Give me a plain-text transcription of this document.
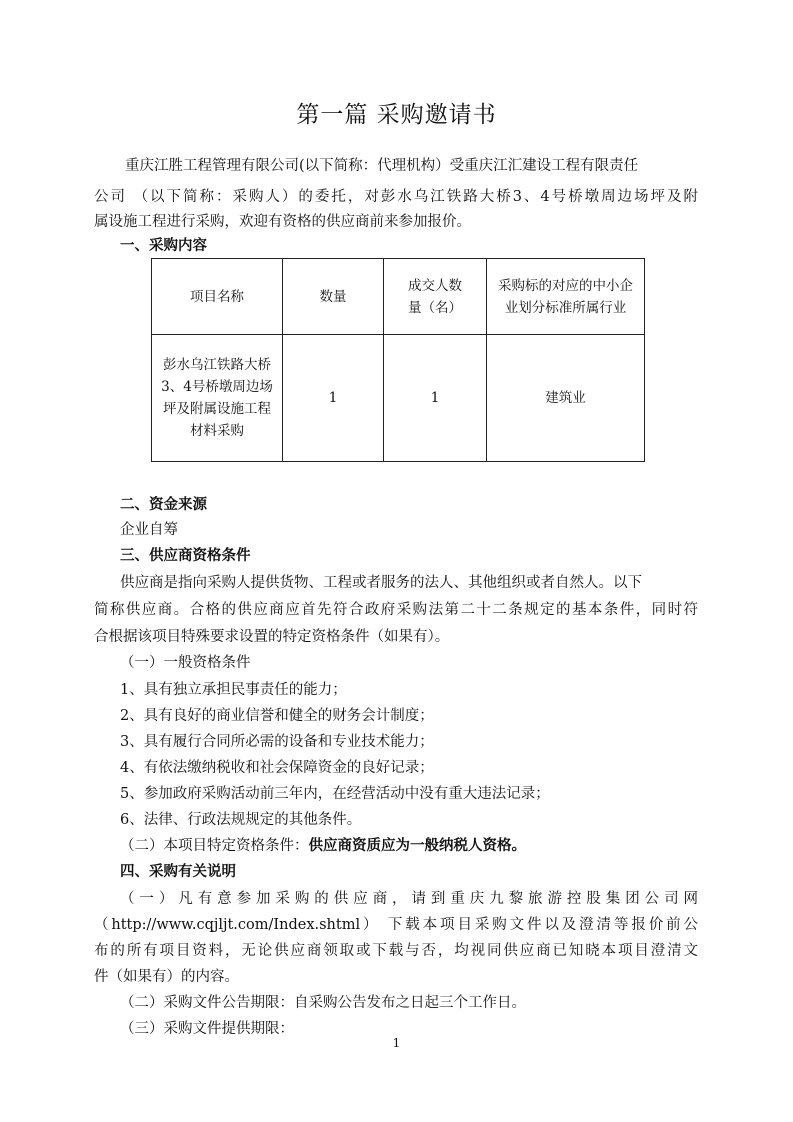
第一篇 采购邀请书
重庆江胜工程管理有限公司(以下简称：代理机构）受重庆江汇建设工程有限责任
公司 （以下简称：采购人）的委托，对彭水乌江铁路大桥3、4号桥墩周边场坪及附
属设施工程进行采购，欢迎有资格的供应商前来参加报价。
一、采购内容
项目名称	数量	成交人数量（名）	采购标的对应的中小企业划分标准所属行业
彭水乌江铁路大桥3、4号桥墩周边场坪及附属设施工程材料采购	1	1	建筑业
二、资金来源
企业自筹
三、供应商资格条件
供应商是指向采购人提供货物、工程或者服务的法人、其他组织或者自然人。以下
简称供应商。合格的供应商应首先符合政府采购法第二十二条规定的基本条件，同时符
合根据该项目特殊要求设置的特定资格条件（如果有）。
（一）一般资格条件
1、具有独立承担民事责任的能力；
2、具有良好的商业信誉和健全的财务会计制度；
3、具有履行合同所必需的设备和专业技术能力；
4、有依法缴纳税收和社会保障资金的良好记录；
5、参加政府采购活动前三年内，在经营活动中没有重大违法记录；
6、法律、行政法规规定的其他条件。
（二）本项目特定资格条件：供应商资质应为一般纳税人资格。
四、采购有关说明
（一）凡有意参加采购的供应商，请到重庆九黎旅游控股集团公司网
（http://www.cqjljt.com/Index.shtml） 下载本项目采购文件以及澄清等报价前公
布的所有项目资料，无论供应商领取或下载与否，均视同供应商已知晓本项目澄清文
件（如果有）的内容。
（二）采购文件公告期限：自采购公告发布之日起三个工作日。
（三）采购文件提供期限：
1
